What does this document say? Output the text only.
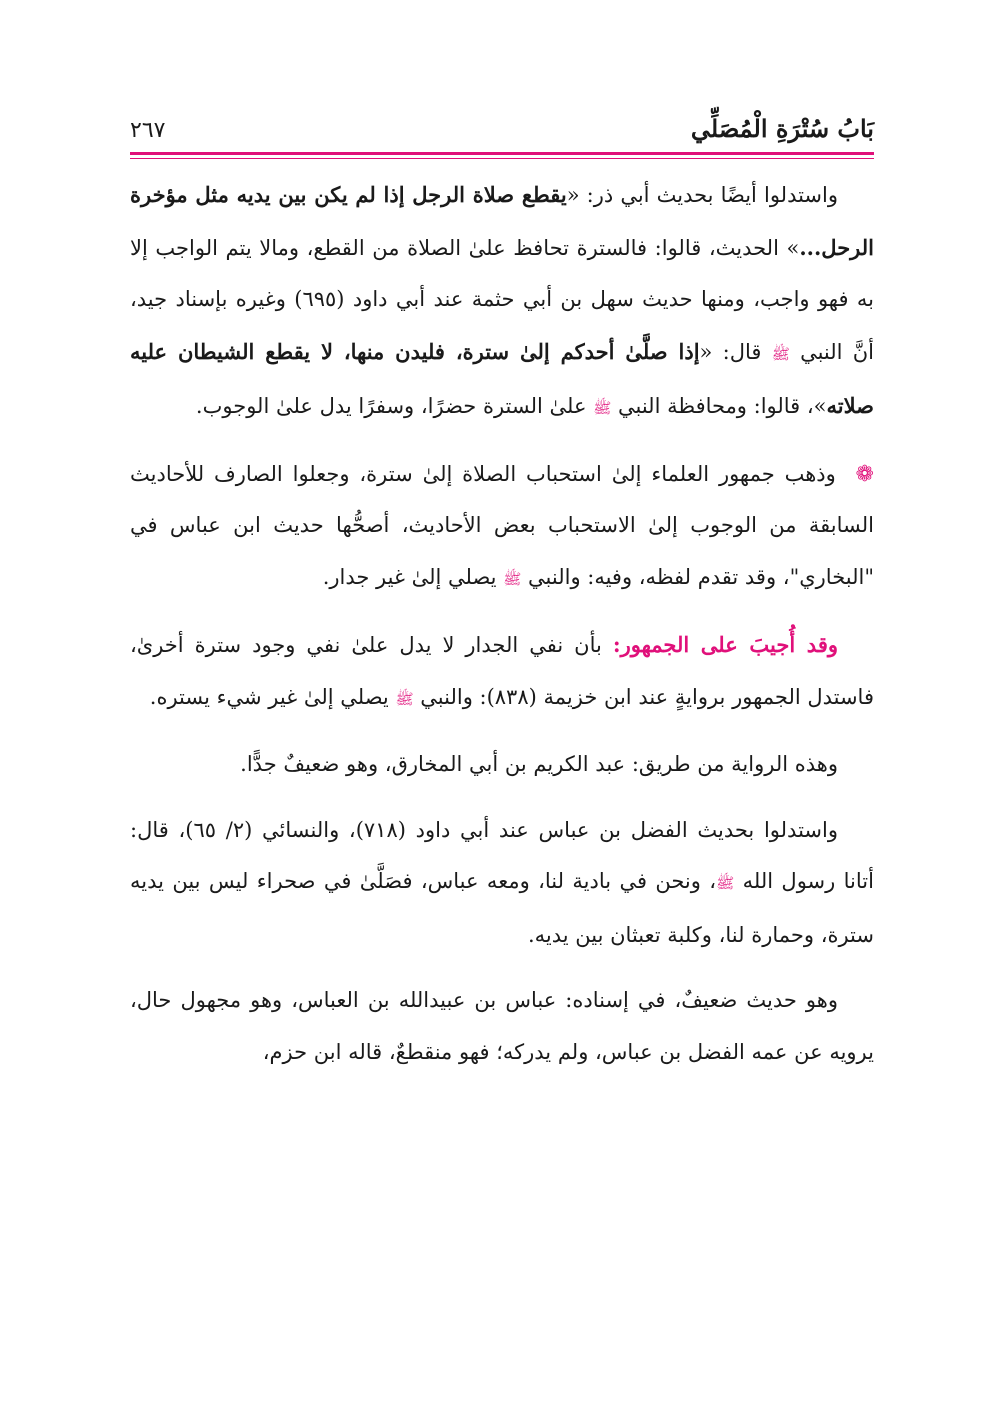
بَابُ سُتْرَةِ الْمُصَلِّي
٢٦٧

واستدلوا أيضًا بحديث أبي ذر: «يقطع صلاة الرجل إذا لم يكن بين يديه مثل مؤخرة الرحل...» الحديث، قالوا: فالسترة تحافظ علىٰ الصلاة من القطع، ومالا يتم الواجب إلا به فهو واجب، ومنها حديث سهل بن أبي حثمة عند أبي داود (٦٩٥) وغيره بإسناد جيد، أنَّ النبي ﷺ قال: «إذا صلَّىٰ أحدكم إلىٰ سترة، فليدن منها، لا يقطع الشيطان عليه صلاته»، قالوا: ومحافظة النبي ﷺ علىٰ السترة حضرًا، وسفرًا يدل علىٰ الوجوب.

❁  وذهب جمهور العلماء إلىٰ استحباب الصلاة إلىٰ سترة، وجعلوا الصارف للأحاديث السابقة من الوجوب إلىٰ الاستحباب بعض الأحاديث، أصحُّها حديث ابن عباس في "البخاري"، وقد تقدم لفظه، وفيه: والنبي ﷺ يصلي إلىٰ غير جدار.

وقد أُجيبَ على الجمهور: بأن نفي الجدار لا يدل علىٰ نفي وجود سترة أخرىٰ، فاستدل الجمهور بروايةٍ عند ابن خزيمة (٨٣٨): والنبي ﷺ يصلي إلىٰ غير شيء يستره.

وهذه الرواية من طريق: عبد الكريم بن أبي المخارق، وهو ضعيفٌ جدًّا.

واستدلوا بحديث الفضل بن عباس عند أبي داود (٧١٨)، والنسائي (٢/ ٦٥)، قال: أتانا رسول الله ﷺ، ونحن في بادية لنا، ومعه عباس، فصَلَّىٰ في صحراء ليس بين يديه سترة، وحمارة لنا، وكلبة تعبثان بين يديه.

وهو حديث ضعيفٌ، في إسناده: عباس بن عبيدالله بن العباس، وهو مجهول حال، يرويه عن عمه الفضل بن عباس، ولم يدركه؛ فهو منقطعٌ، قاله ابن حزم،
